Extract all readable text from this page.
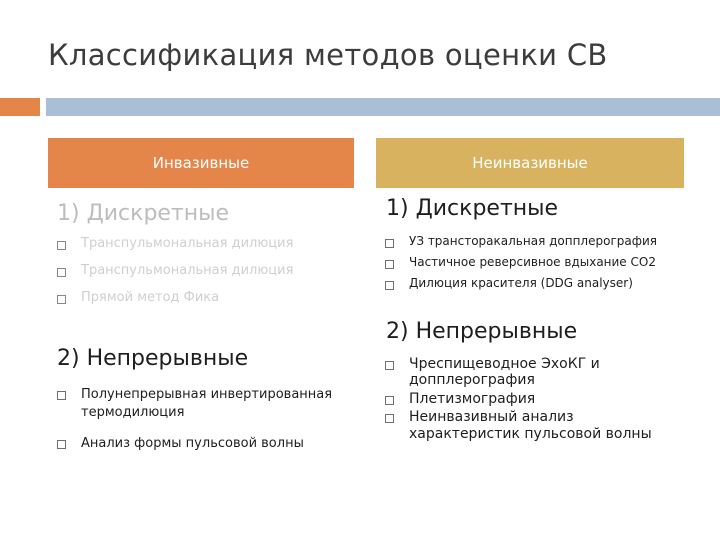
Классификация методов оценки СВ
Инвазивные
1) Дискретные
Транспульмональная дилюция
Транспульмональная дилюция
Прямой метод Фика
2) Непрерывные
Полунепрерывная инвертированная термодилюция
Анализ формы пульсовой волны
Неинвазивные
1) Дискретные
УЗ трансторакальная допплерография
Частичное реверсивное вдыхание СО2
Дилюция красителя (DDG analyser)
2) Непрерывные
Чреспищеводное ЭхоКГ и допплерография
Плетизмография
Неинвазивный анализ характеристик пульсовой волны
